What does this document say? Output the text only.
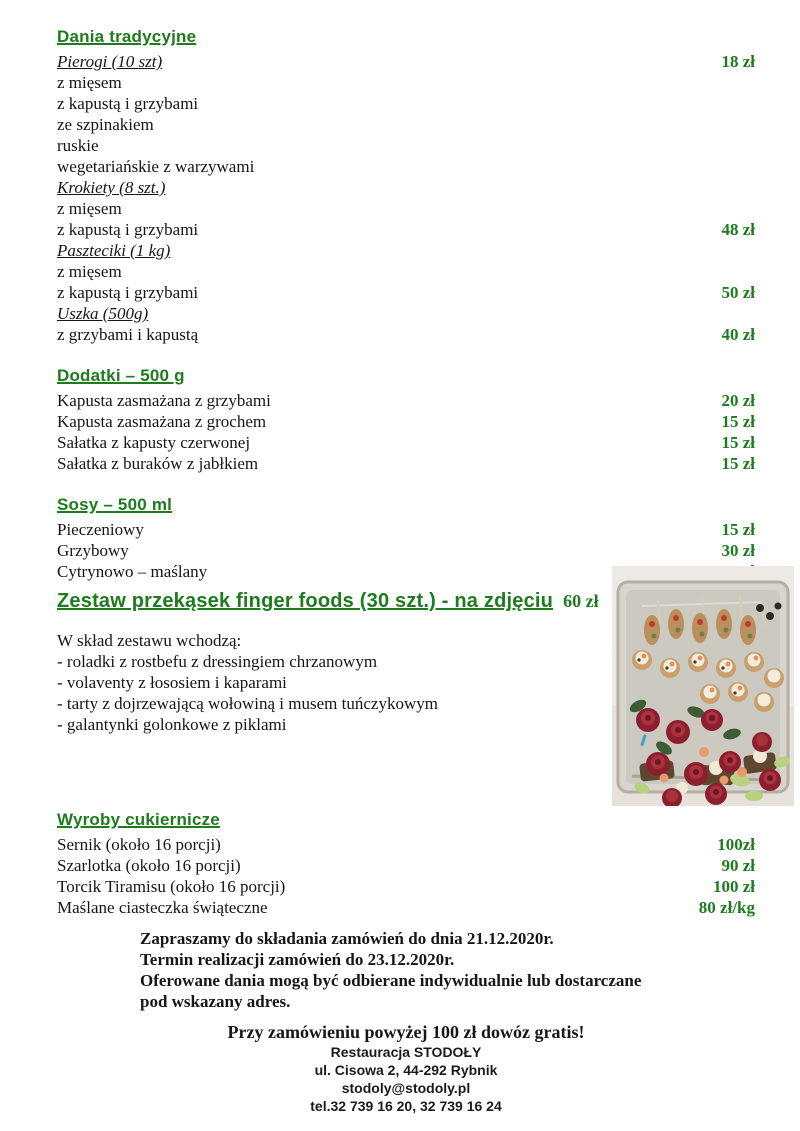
Dania tradycyjne
Pierogi (10 szt)	18 zł
z mięsem
z kapustą i grzybami
ze szpinakiem
ruskie
wegetariańskie z warzywami
Krokiety (8 szt.)
z mięsem
z kapustą i grzybami	48 zł
Paszteciki (1 kg)
z mięsem
z kapustą i grzybami	50 zł
Uszka (500g)
z grzybami i kapustą	40 zł
Dodatki – 500 g
Kapusta zasmażana z grzybami	20 zł
Kapusta zasmażana z grochem	15 zł
Sałatka z kapusty czerwonej	15 zł
Sałatka z buraków z jabłkiem	15 zł
Sosy – 500 ml
Pieczeniowy	15 zł
Grzybowy	30 zł
Cytrynowo – maślany
Zestaw przekąsek finger foods (30 szt.) - na zdjęciu 60 zł
W skład zestawu wchodzą:
- roladki z rostbefu z dressingiem chrzanowym
- volaventy z łososiem i kaparami
- tarty z dojrzewającą wołowiną i musem tuńczykowym
- galantynki golonkowe z piklami
Wyroby cukiernicze
Sernik (około 16 porcji)	100zł
Szarlotka (około 16 porcji)	90 zł
Torcik Tiramisu (około 16 porcji)	100 zł
Maślane ciasteczka świąteczne	80 zł/kg
Zapraszamy do składania zamówień do dnia 21.12.2020r.
Termin realizacji zamówień do 23.12.2020r.
Oferowane dania mogą być odbierane indywidualnie lub dostarczane
pod wskazany adres.
Przy zamówieniu powyżej 100 zł dowóz gratis!
Restauracja STODOŁY
ul. Cisowa 2, 44-292 Rybnik
stodoly@stodoly.pl
tel.32 739 16 20, 32 739 16 24
